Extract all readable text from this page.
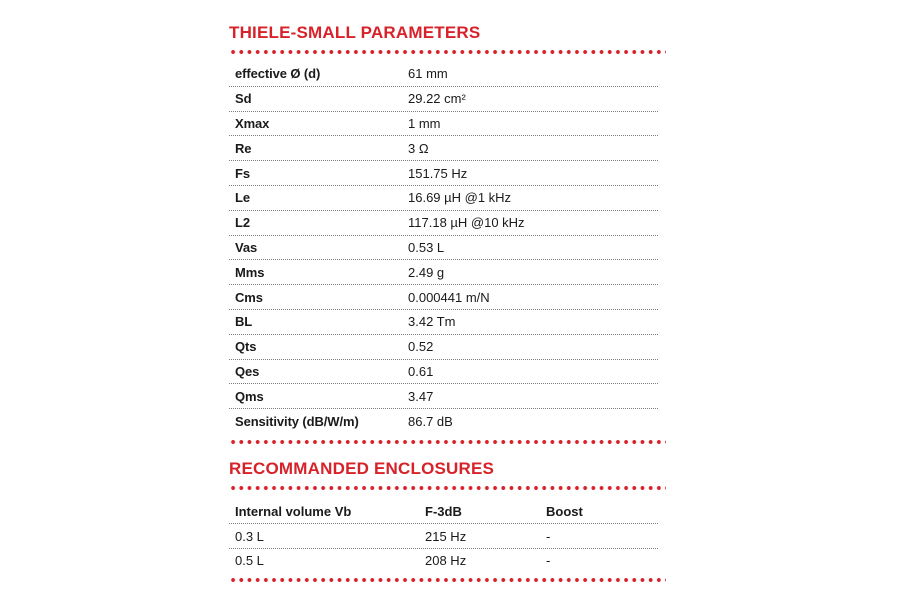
THIELE-SMALL PARAMETERS
effective Ø (d)	61 mm
Sd	29.22 cm²
Xmax	1 mm
Re	3 Ω
Fs	151.75 Hz
Le	16.69 µH @1 kHz
L2	117.18 µH @10 kHz
Vas	0.53 L
Mms	2.49 g
Cms	0.000441 m/N
BL	3.42 Tm
Qts	0.52
Qes	0.61
Qms	3.47
Sensitivity (dB/W/m)	86.7 dB
RECOMMANDED ENCLOSURES
Internal volume Vb	F-3dB	Boost
0.3 L	215 Hz	-
0.5 L	208 Hz	-
